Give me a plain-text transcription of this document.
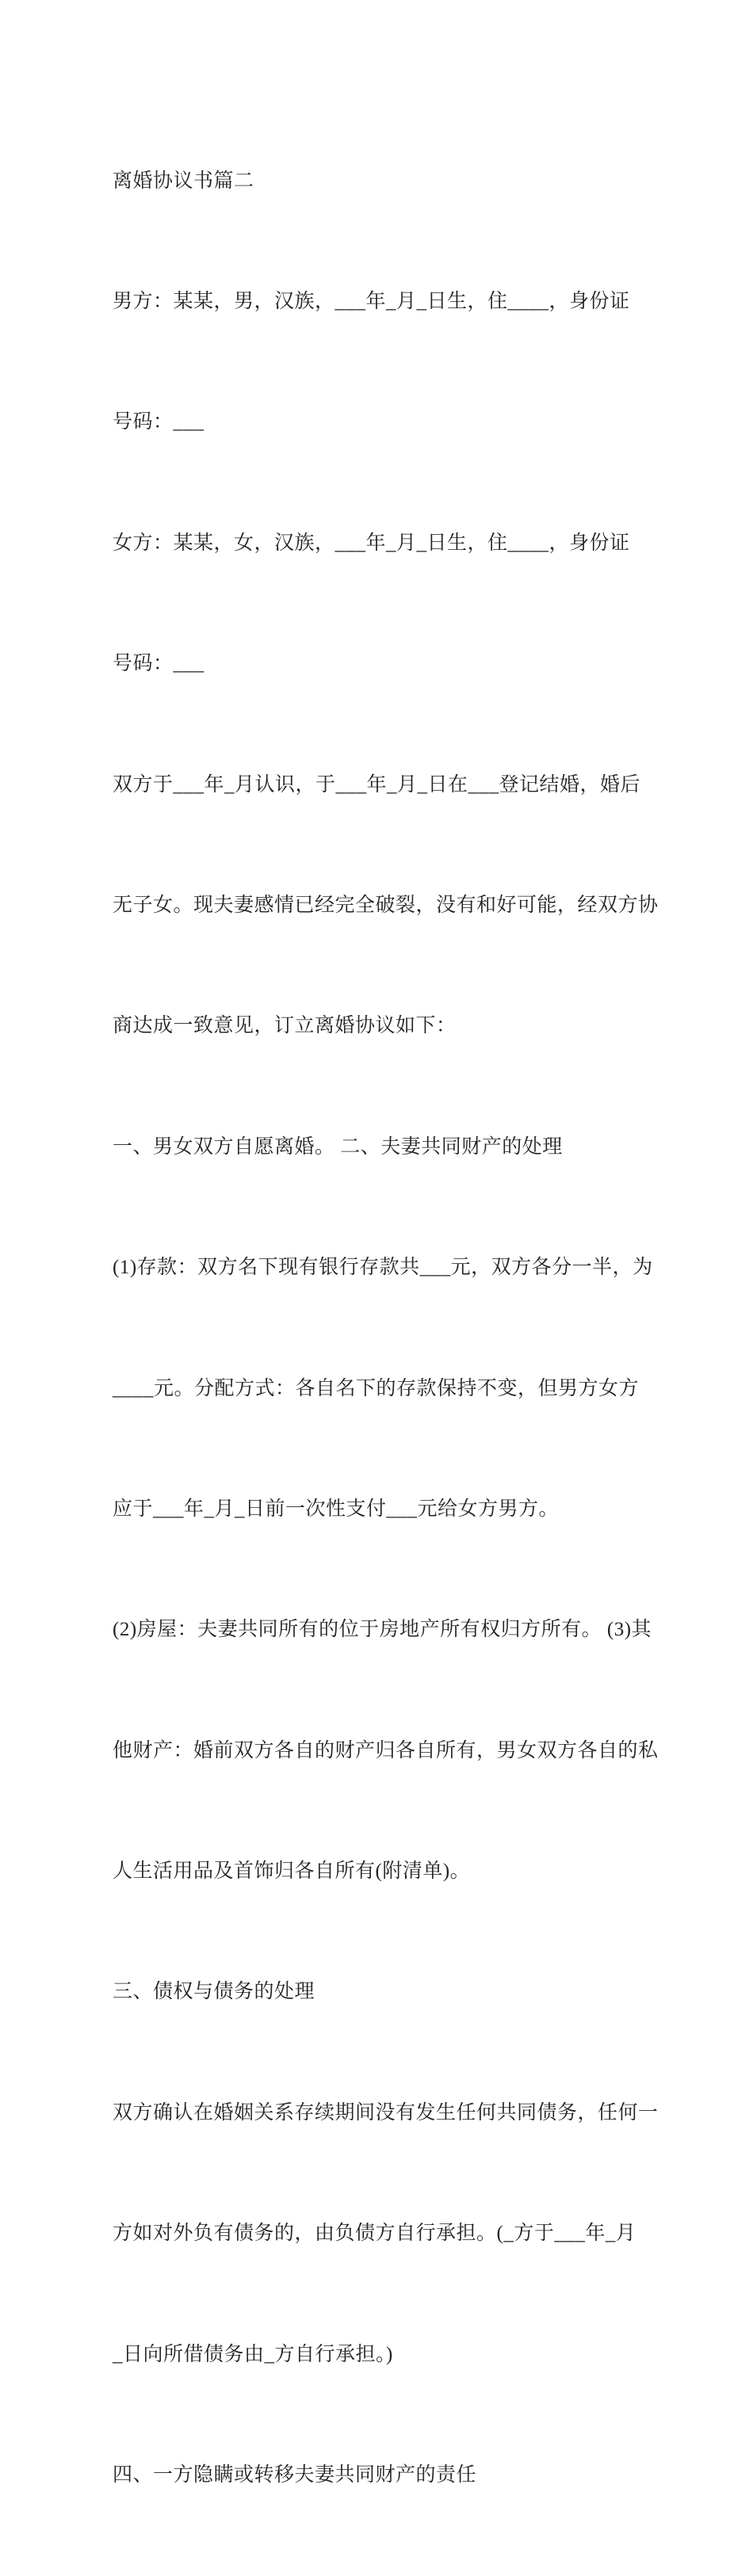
离婚协议书篇二

男方：某某，男，汉族，___年_月_日生，住____，身份证

号码：___

女方：某某，女，汉族，___年_月_日生，住____，身份证

号码：___

双方于___年_月认识，于___年_月_日在___登记结婚，婚后

无子女。现夫妻感情已经完全破裂，没有和好可能，经双方协

商达成一致意见，订立离婚协议如下：

一、男女双方自愿离婚。 二、夫妻共同财产的处理

(1)存款：双方名下现有银行存款共___元，双方各分一半，为

____元。分配方式：各自名下的存款保持不变，但男方女方

应于___年_月_日前一次性支付___元给女方男方。

(2)房屋：夫妻共同所有的位于房地产所有权归方所有。 (3)其

他财产：婚前双方各自的财产归各自所有，男女双方各自的私

人生活用品及首饰归各自所有(附清单)。

三、债权与债务的处理

双方确认在婚姻关系存续期间没有发生任何共同债务，任何一

方如对外负有债务的，由负债方自行承担。(_方于___年_月

_日向所借债务由_方自行承担。)

四、一方隐瞒或转移夫妻共同财产的责任
